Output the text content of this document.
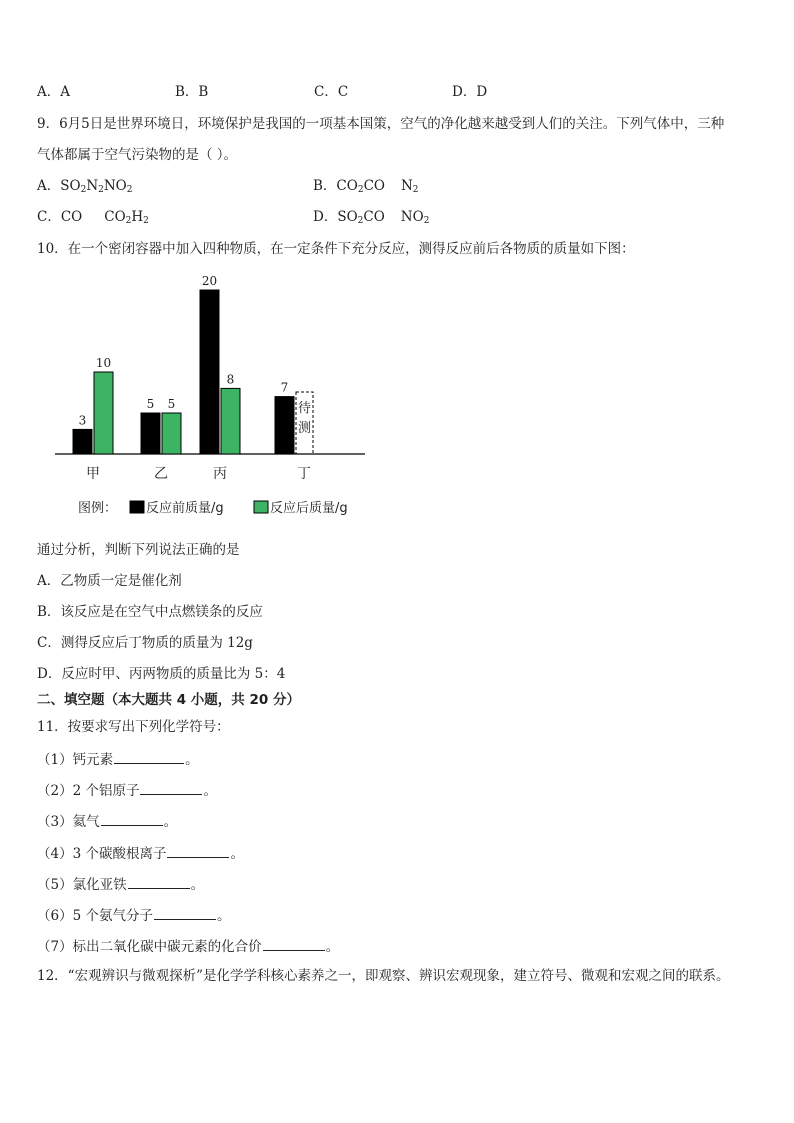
A．A	B．B	C．C	D．D
9．6月5日是世界环境日，环境保护是我国的一项基本国策，空气的净化越来越受到人们的关注。下列气体中，三种
气体都属于空气污染物的是（ ）。
A．$SO_2N_2NO_2$	B．$CO_2CO$ $N_2$
C．CO $CO_2H_2$	D．$SO_2CO$ $NO_2$
10．在一个密闭容器中加入四种物质，在一定条件下充分反应，测得反应前后各物质的质量如下图：
3
10
甲
5 5
乙
20
8
丙
7
待
测
丁
图例： 反应前质量/g	反应后质量/g
通过分析，判断下列说法正确的是
A．乙物质一定是催化剂
B．该反应是在空气中点燃镁条的反应
C．测得反应后丁物质的质量为 12g
D．反应时甲、丙两物质的质量比为 5：4
二、填空题（本大题共 4 小题，共 20 分）
11．按要求写出下列化学符号：
（1）钙元素	。
（2）2 个铝原子	。
（3）氦气	。
（4）3 个碳酸根离子	。
（5）氯化亚铁	。
（6）5 个氨气分子	。
（7）标出二氧化碳中碳元素的化合价	。
12．“宏观辨识与微观探析”是化学学科核心素养之一，即观察、辨识宏观现象，建立符号、微观和宏观之间的联系。
